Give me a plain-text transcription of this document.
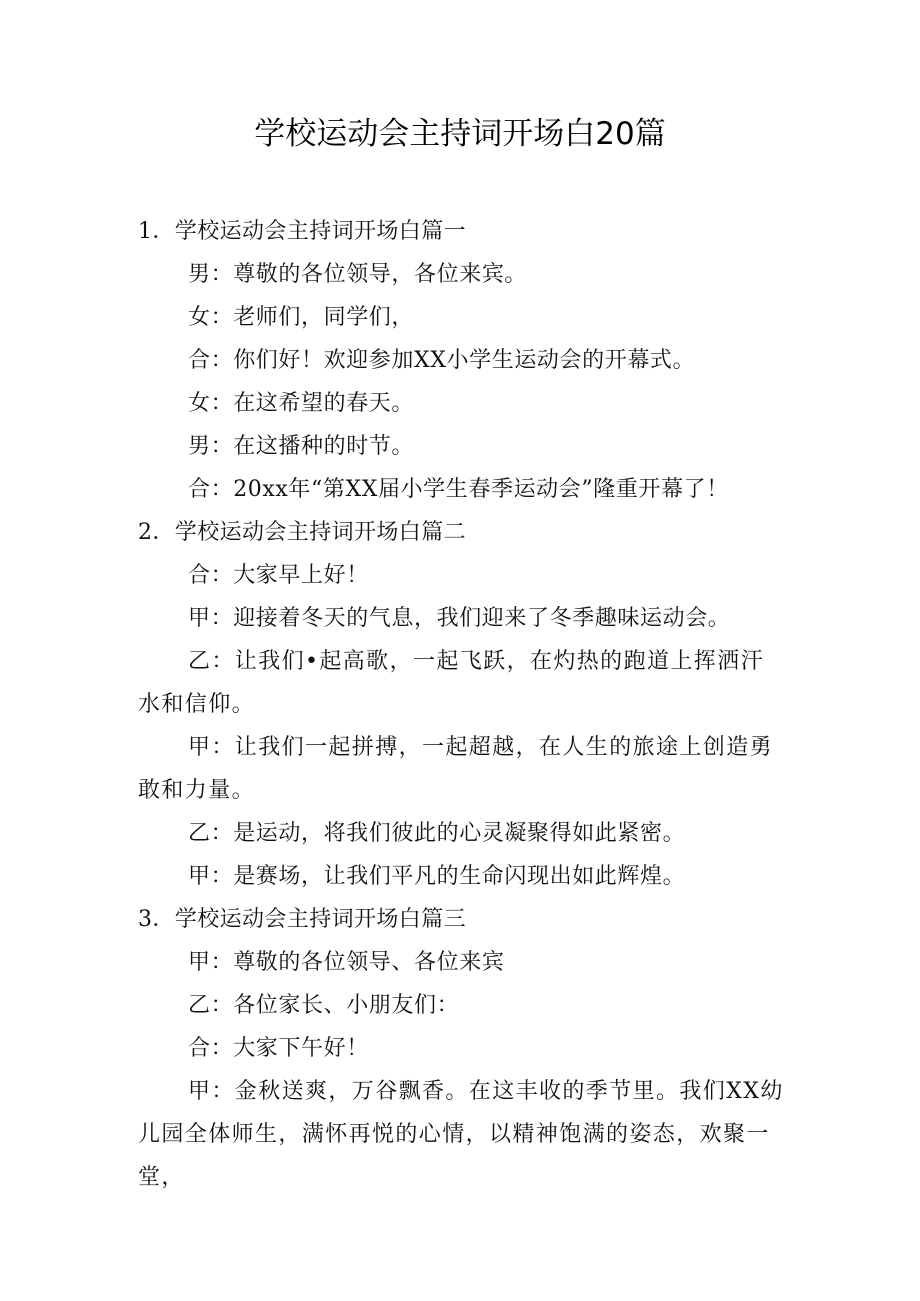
学校运动会主持词开场白20篇
1．学校运动会主持词开场白篇一
男：尊敬的各位领导，各位来宾。
女：老师们，同学们，
合：你们好！欢迎参加XX小学生运动会的开幕式。
女：在这希望的春天。
男：在这播种的时节。
合：20xx年“第XX届小学生春季运动会”隆重开幕了！
2．学校运动会主持词开场白篇二
合：大家早上好！
甲：迎接着冬天的气息，我们迎来了冬季趣味运动会。
乙：让我们•起高歌，一起飞跃，在灼热的跑道上挥洒汗水和信仰。
甲：让我们一起拼搏，一起超越，在人生的旅途上创造勇敢和力量。
乙：是运动，将我们彼此的心灵凝聚得如此紧密。
甲：是赛场，让我们平凡的生命闪现出如此辉煌。
3．学校运动会主持词开场白篇三
甲：尊敬的各位领导、各位来宾
乙：各位家长、小朋友们：
合：大家下午好！
甲：金秋送爽，万谷飘香。在这丰收的季节里。我们XX幼儿园全体师生，满怀再悦的心情，以精神饱满的姿态，欢聚一堂，
